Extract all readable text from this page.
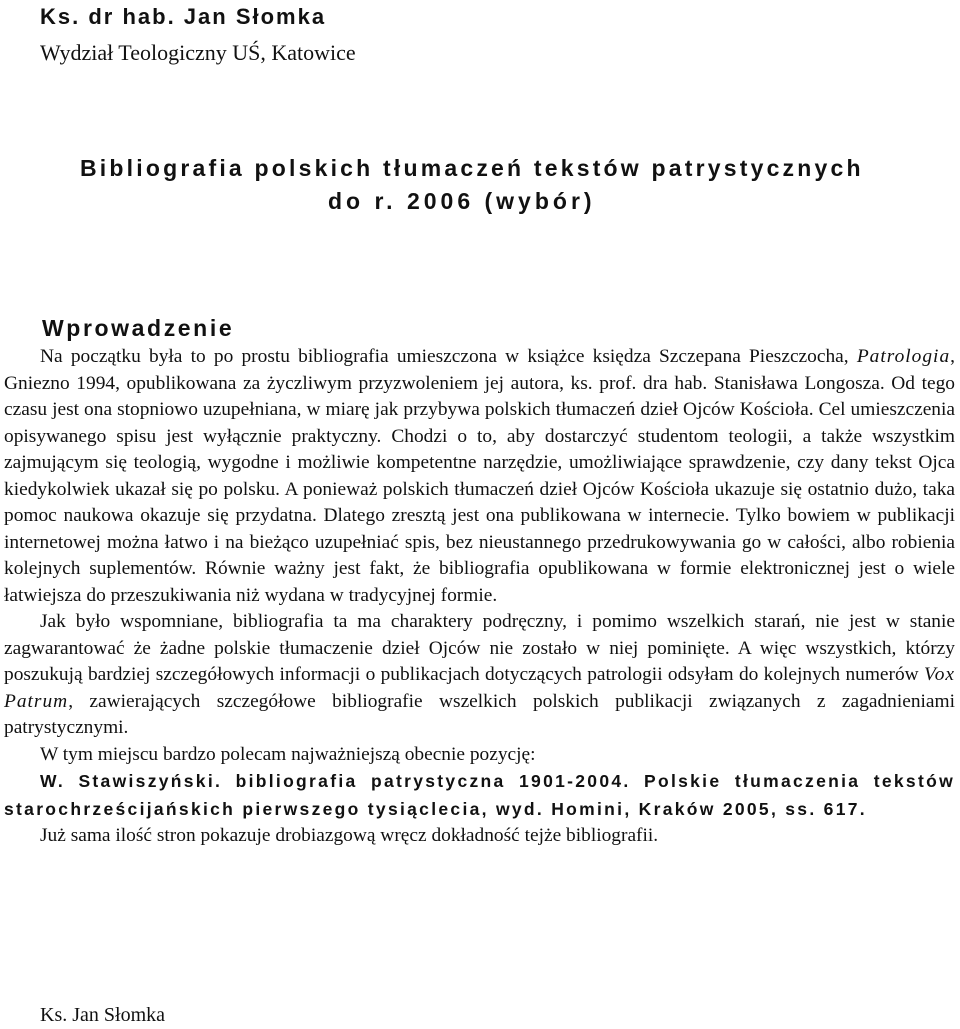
Ks. dr hab. Jan Słomka
Wydział Teologiczny UŚ, Katowice
Bibliografia polskich tłumaczeń tekstów patrystycznych
do r. 2006 (wybór)
Wprowadzenie

Na początku była to po prostu bibliografia umieszczona w książce księdza Szczepana Pieszczocha, Patrologia, Gniezno 1994, opublikowana za życzliwym przyzwoleniem jej autora, ks. prof. dra hab. Stanisława Longosza. Od tego czasu jest ona stopniowo uzupełniana, w miarę jak przybywa polskich tłumaczeń dzieł Ojców Kościoła. Cel umieszczenia opisywanego spisu jest wyłącznie praktyczny. Chodzi o to, aby dostarczyć studentom teologii, a także wszystkim zajmującym się teologią, wygodne i możliwie kompetentne narzędzie, umożliwiające sprawdzenie, czy dany tekst Ojca kiedykolwiek ukazał się po polsku. A ponieważ polskich tłumaczeń dzieł Ojców Kościoła ukazuje się ostatnio dużo, taka pomoc naukowa okazuje się przydatna. Dlatego zresztą jest ona publikowana w internecie. Tylko bowiem w publikacji internetowej można łatwo i na bieżąco uzupełniać spis, bez nieustannego przedrukowywania go w całości, albo robienia kolejnych suplementów. Równie ważny jest fakt, że bibliografia opublikowana w formie elektronicznej jest o wiele łatwiejsza do przeszukiwania niż wydana w tradycyjnej formie.

Jak było wspomniane, bibliografia ta ma charaktery podręczny, i pomimo wszelkich starań, nie jest w stanie zagwarantować że żadne polskie tłumaczenie dzieł Ojców nie zostało w niej pominięte. A więc wszystkich, którzy poszukują bardziej szczegółowych informacji o publikacjach dotyczących patrologii odsyłam do kolejnych numerów Vox Patrum, zawierających szczegółowe bibliografie wszelkich polskich publikacji związanych z zagadnieniami patrystycznymi.

W tym miejscu bardzo polecam najważniejszą obecnie pozycję:

W. Stawiszyński. bibliografia patrystyczna 1901-2004. Polskie tłumaczenia tekstów starochrześcijańskich pierwszego tysiąclecia, wyd. Homini, Kraków 2005, ss. 617.

Już sama ilość stron pokazuje drobiazgową wręcz dokładność tejże bibliografii.

Ks. Jan Słomka
